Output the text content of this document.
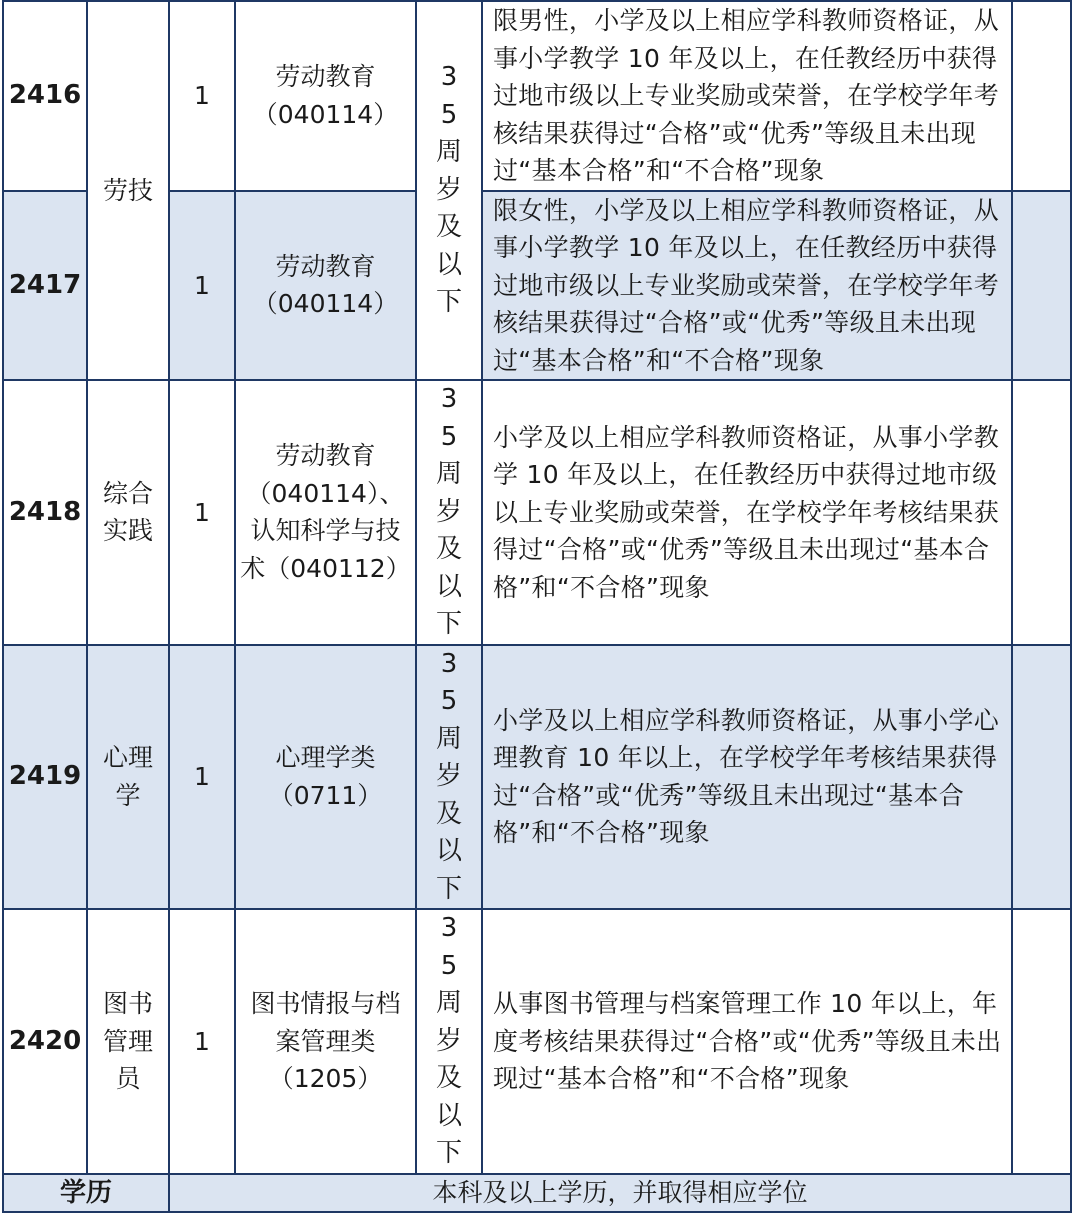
2416	劳技	1	劳动教育（040114）	35周岁及以下	限男性，小学及以上相应学科教师资格证，从事小学教学 10 年及以上，在任教经历中获得过地市级以上专业奖励或荣誉，在学校学年考核结果获得过“合格”或“优秀”等级且未出现过“基本合格”和“不合格”现象	
2417		1	劳动教育（040114）		限女性，小学及以上相应学科教师资格证，从事小学教学 10 年及以上，在任教经历中获得过地市级以上专业奖励或荣誉，在学校学年考核结果获得过“合格”或“优秀”等级且未出现过“基本合格”和“不合格”现象	
2418	综合实践	1	劳动教育（040114）、认知科学与技术（040112）	35周岁及以下	小学及以上相应学科教师资格证，从事小学教学 10 年及以上，在任教经历中获得过地市级以上专业奖励或荣誉，在学校学年考核结果获得过“合格”或“优秀”等级且未出现过“基本合格”和“不合格”现象	
2419	心理学	1	心理学类（0711）	35周岁及以下	小学及以上相应学科教师资格证，从事小学心理教育 10 年以上，在学校学年考核结果获得过“合格”或“优秀”等级且未出现过“基本合格”和“不合格”现象	
2420	图书管理员	1	图书情报与档案管理类（1205）	35周岁及以下	从事图书管理与档案管理工作 10 年以上，年度考核结果获得过“合格”或“优秀”等级且未出现过“基本合格”和“不合格”现象	
学历		本科及以上学历，并取得相应学位				
